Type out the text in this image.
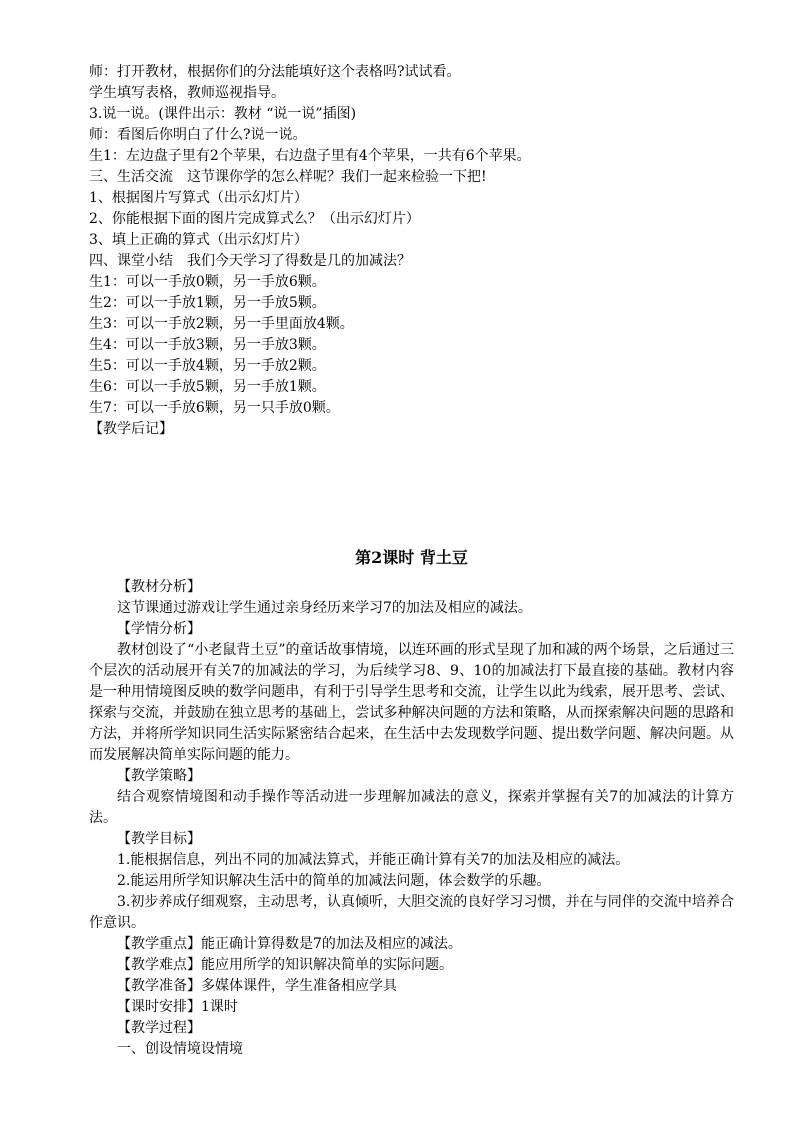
师：打开教材，根据你们的分法能填好这个表格吗?试试看。
学生填写表格，教师巡视指导。
3.说一说。(课件出示：教材 “说一说”插图)
师：看图后你明白了什么?说一说。
生1：左边盘子里有2个苹果，右边盘子里有4个苹果，一共有6个苹果。
三、生活交流　这节课你学的怎么样呢？我们一起来检验一下把!
1、根据图片写算式（出示幻灯片）
2、你能根据下面的图片完成算式么？（出示幻灯片）
3、填上正确的算式（出示幻灯片）
四、课堂小结　我们今天学习了得数是几的加减法？
生1：可以一手放0颗，另一手放6颗。
生2：可以一手放1颗，另一手放5颗。
生3：可以一手放2颗，另一手里面放4颗。
生4：可以一手放3颗，另一手放3颗。
生5：可以一手放4颗，另一手放2颗。
生6：可以一手放5颗，另一手放1颗。
生7：可以一手放6颗，另一只手放0颗。
【教学后记】
第2课时 背土豆

【教材分析】

这节课通过游戏让学生通过亲身经历来学习7的加法及相应的减法。

【学情分析】

教材创设了“小老鼠背土豆”的童话故事情境，以连环画的形式呈现了加和减的两个场景，之后通过三个层次的活动展开有关7的加减法的学习，为后续学习8、9、10的加减法打下最直接的基础。教材内容是一种用情境图反映的数学问题串，有利于引导学生思考和交流，让学生以此为线索，展开思考、尝试、探索与交流，并鼓励在独立思考的基础上，尝试多种解决问题的方法和策略，从而探索解决问题的思路和方法，并将所学知识同生活实际紧密结合起来，在生活中去发现数学问题、提出数学问题、解决问题。从而发展解决简单实际问题的能力。

【教学策略】

结合观察情境图和动手操作等活动进一步理解加减法的意义，探索并掌握有关7的加减法的计算方法。

【教学目标】

1.能根据信息，列出不同的加减法算式，并能正确计算有关7的加法及相应的减法。

2.能运用所学知识解决生活中的简单的加减法问题，体会数学的乐趣。

3.初步养成仔细观察，主动思考，认真倾听，大胆交流的良好学习习惯，并在与同伴的交流中培养合作意识。

【教学重点】能正确计算得数是7的加法及相应的减法。

【教学难点】能应用所学的知识解决简单的实际问题。

【教学准备】多媒体课件，学生准备相应学具

【课时安排】1课时

【教学过程】

一、创设情境设情境
